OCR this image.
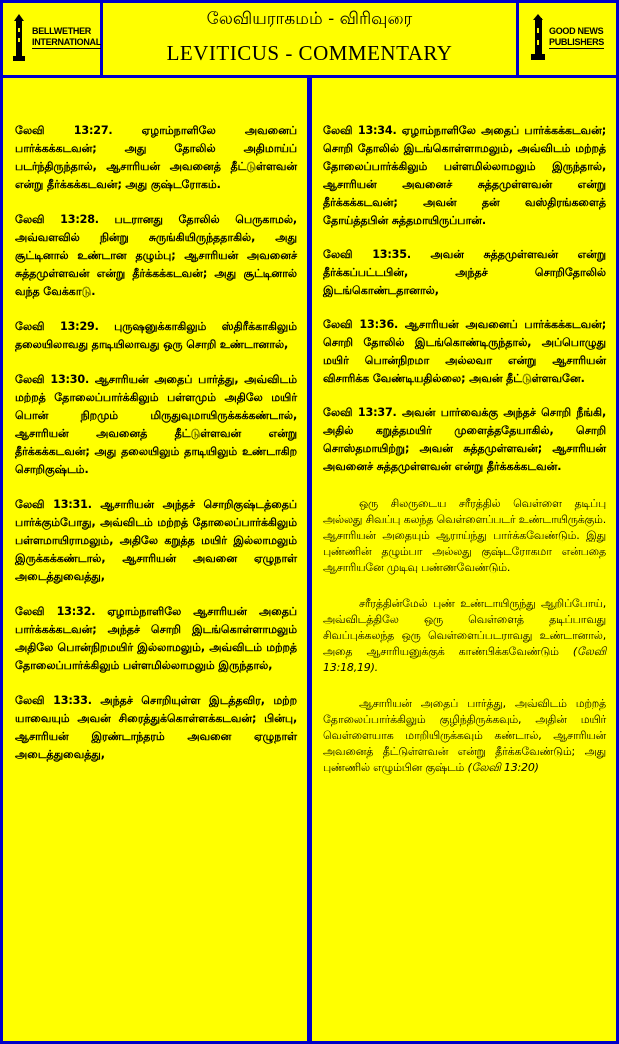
BELLWETHER
INTERNATIONAL
லேவியராகமம் - விரிவுரை
LEVITICUS - COMMENTARY
GOOD NEWS
PUBLISHERS

லேவி 13:27. ஏழாம்நாளிலே அவனைப் பார்க்கக்கடவன்; அது தோலில் அதிமாய்ப் படர்ந்திருந்தால், ஆசாரியன் அவனைத் தீட்டுள்ளவன் என்று தீர்க்கக்கடவன்; அது குஷ்டரோகம்.

லேவி 13:28. படரானது தோலில் பெருகாமல், அவ்வளவில் நின்று சுருங்கியிருந்ததாகில், அது சூட்டினால் உண்டான தழும்பு; ஆசாரியன் அவனைச் சுத்தமுள்ளவன் என்று தீர்க்கக்கடவன்; அது சூட்டினால் வந்த வேக்காடு.

லேவி 13:29. புருஷனுக்காகிலும் ஸ்திரீக்காகிலும் தலையிலாவது தாடியிலாவது ஒரு சொறி உண்டானால்,

லேவி 13:30. ஆசாரியன் அதைப் பார்த்து, அவ்விடம் மற்றத் தோலைப்பார்க்கிலும் பள்ளமும் அதிலே மயிர் பொன் நிறமும் மிருதுவுமாயிருக்கக்கண்டால், ஆசாரியன் அவனைத் தீட்டுள்ளவன் என்று தீர்க்கக்கடவன்; அது தலையிலும் தாடியிலும் உண்டாகிற சொறிகுஷ்டம்.

லேவி 13:31. ஆசாரியன் அந்தச் சொறிகுஷ்டத்தைப் பார்க்கும்போது, அவ்விடம் மற்றத் தோலைப்பார்க்கிலும் பள்ளமாயிராமலும், அதிலே கறுத்த மயிர் இல்லாமலும் இருக்கக்கண்டால், ஆசாரியன் அவனை ஏழுநாள் அடைத்துவைத்து,

லேவி 13:32. ஏழாம்நாளிலே ஆசாரியன் அதைப் பார்க்கக்கடவன்; அந்தச் சொறி இடங்கொள்ளாமலும் அதிலே பொன்நிறமயிர் இல்லாமலும், அவ்விடம் மற்றத் தோலைப்பார்க்கிலும் பள்ளமில்லாமலும் இருந்தால்,

லேவி 13:33. அந்தச் சொறியுள்ள இடத்தவிர, மற்ற யாவையும் அவன் சிரைத்துக்கொள்ளக்கடவன்; பின்பு, ஆசாரியன் இரண்டாந்தரம் அவனை ஏழுநாள் அடைத்துவைத்து,

லேவி 13:34. ஏழாம்நாளிலே அதைப் பார்க்கக்கடவன்; சொறி தோலில் இடங்கொள்ளாமலும், அவ்விடம் மற்றத் தோலைப்பார்க்கிலும் பள்ளமில்லாமலும் இருந்தால், ஆசாரியன் அவனைச் சுத்தமுள்ளவன் என்று தீர்க்கக்கடவன்; அவன் தன் வஸ்திரங்களைத் தோய்த்தபின் சுத்தமாயிருப்பான்.

லேவி 13:35. அவன் சுத்தமுள்ளவன் என்று தீர்க்கப்பட்டபின், அந்தச் சொறிதோலில் இடங்கொண்டதானால்,

லேவி 13:36. ஆசாரியன் அவனைப் பார்க்கக்கடவன்; சொறி தோலில் இடங்கொண்டிருந்தால், அப்பொழுது மயிர் பொன்நிறமா அல்லவா என்று ஆசாரியன் விசாரிக்க வேண்டியதில்லை; அவன் தீட்டுள்ளவனே.

லேவி 13:37. அவன் பார்வைக்கு அந்தச் சொறி நீங்கி, அதில் கறுத்தமயிர் முளைத்ததேயாகில், சொறி சொஸ்தமாயிற்று; அவன் சுத்தமுள்ளவன்; ஆசாரியன் அவனைச் சுத்தமுள்ளவன் என்று தீர்க்கக்கடவன்.

ஒரு சிலருடைய சரீரத்தில் வெள்ளை தடிப்பு அல்லது சிவப்பு கலந்த வெள்ளைப்படர் உண்டாயிருக்கும். ஆசாரியன் அதையும் ஆராய்ந்து பார்க்கவேண்டும். இது புண்ணின் தழும்பா அல்லது குஷ்டரோகமா என்பதை ஆசாரியனே முடிவு பண்ணவேண்டும்.

சரீரத்தின்மேல் புண் உண்டாயிருந்து ஆறிப்போய், அவ்விடத்திலே ஒரு வெள்ளைத் தடிப்பாவது சிவப்புக்கலந்த ஒரு வெள்ளைப்படராவது உண்டானால், அதை ஆசாரியனுக்குக் காண்பிக்கவேண்டும் (லேவி 13:18,19).

ஆசாரியன் அதைப் பார்த்து, அவ்விடம் மற்றத் தோலைப்பார்க்கிலும் குழிந்திருக்கவும், அதின் மயிர் வெள்ளையாக மாறியிருக்கவும் கண்டால், ஆசாரியன் அவனைத் தீட்டுள்ளவன் என்று தீர்க்கவேண்டும்; அது புண்ணில் எழும்பின குஷ்டம் (லேவி 13:20)
